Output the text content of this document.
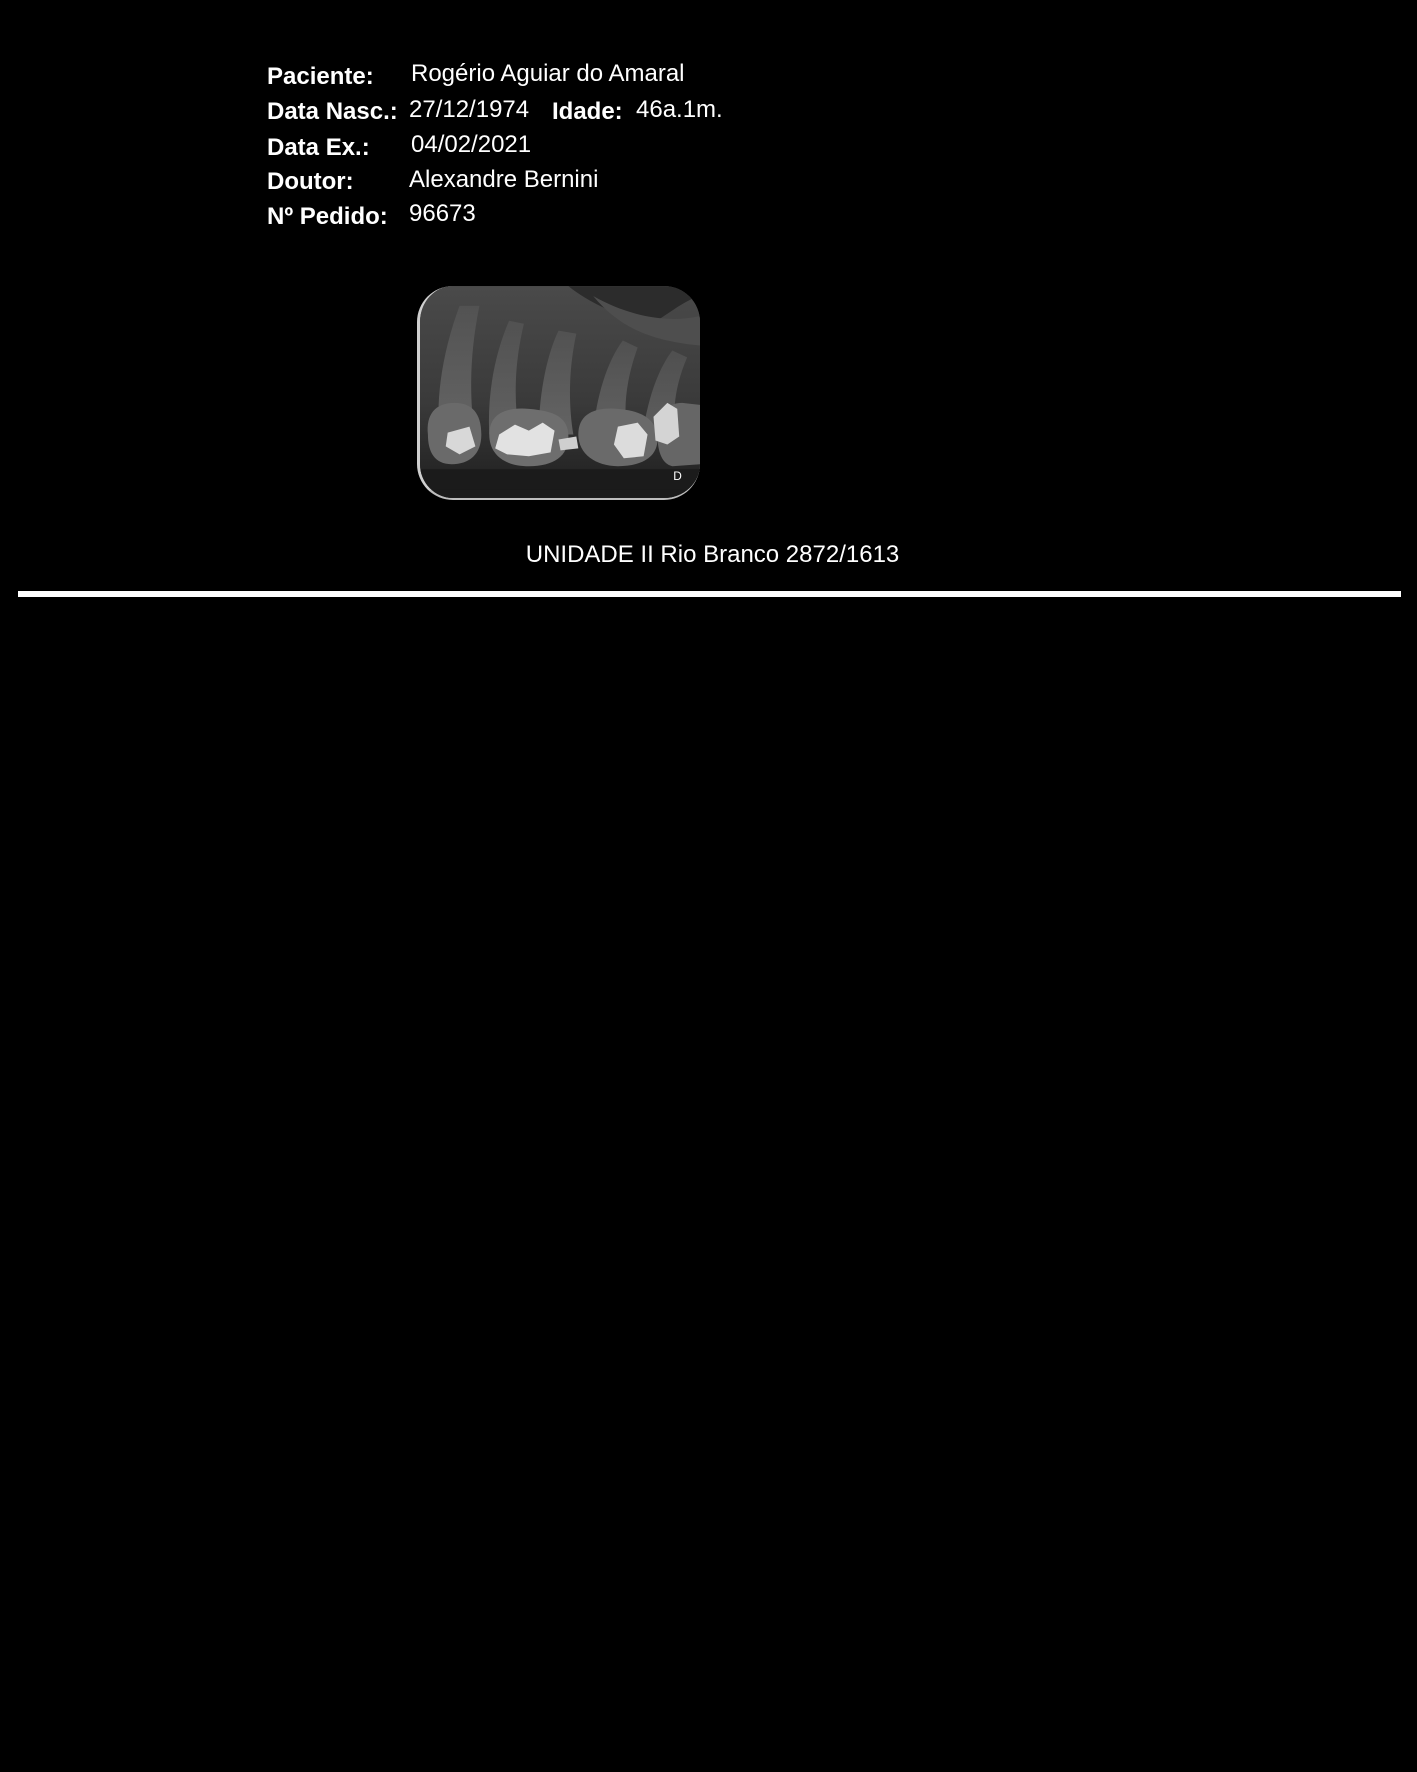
Paciente: Rogério Aguiar do Amaral
Data Nasc.: 27/12/1974 Idade: 46a.1m.
Data Ex.: 04/02/2021
Doutor: Alexandre Bernini
Nº Pedido: 96673
D
UNIDADE II Rio Branco 2872/1613
